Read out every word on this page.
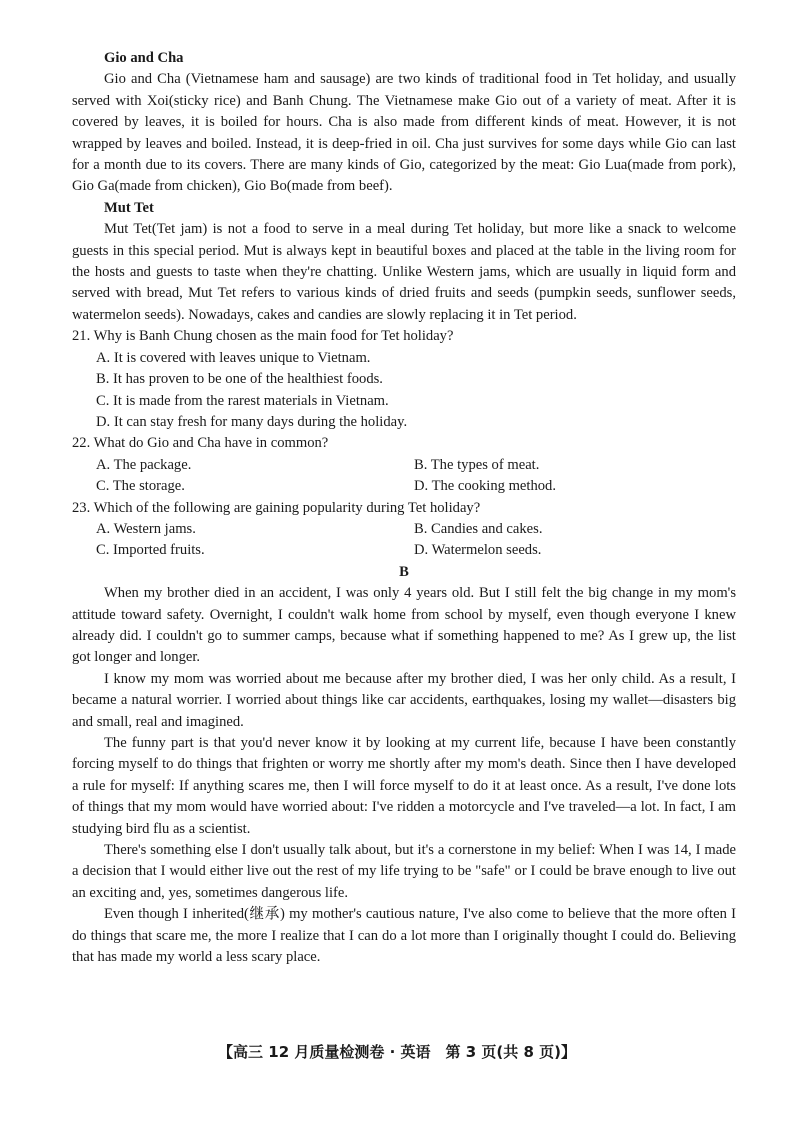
Gio and Cha
Gio and Cha (Vietnamese ham and sausage) are two kinds of traditional food in Tet holiday, and usually served with Xoi(sticky rice) and Banh Chung. The Vietnamese make Gio out of a variety of meat. After it is covered by leaves, it is boiled for hours. Cha is also made from different kinds of meat. However, it is not wrapped by leaves and boiled. Instead, it is deep-fried in oil. Cha just survives for some days while Gio can last for a month due to its covers. There are many kinds of Gio, categorized by the meat: Gio Lua(made from pork), Gio Ga(made from chicken), Gio Bo(made from beef).
Mut Tet
Mut Tet(Tet jam) is not a food to serve in a meal during Tet holiday, but more like a snack to welcome guests in this special period. Mut is always kept in beautiful boxes and placed at the table in the living room for the hosts and guests to taste when they're chatting. Unlike Western jams, which are usually in liquid form and served with bread, Mut Tet refers to various kinds of dried fruits and seeds (pumpkin seeds, sunflower seeds, watermelon seeds). Nowadays, cakes and candies are slowly replacing it in Tet period.
21. Why is Banh Chung chosen as the main food for Tet holiday?
A. It is covered with leaves unique to Vietnam.
B. It has proven to be one of the healthiest foods.
C. It is made from the rarest materials in Vietnam.
D. It can stay fresh for many days during the holiday.
22. What do Gio and Cha have in common?
A. The package.	B. The types of meat.
C. The storage.	D. The cooking method.
23. Which of the following are gaining popularity during Tet holiday?
A. Western jams.	B. Candies and cakes.
C. Imported fruits.	D. Watermelon seeds.
B
When my brother died in an accident, I was only 4 years old. But I still felt the big change in my mom's attitude toward safety. Overnight, I couldn't walk home from school by myself, even though everyone I knew already did. I couldn't go to summer camps, because what if something happened to me? As I grew up, the list got longer and longer.
I know my mom was worried about me because after my brother died, I was her only child. As a result, I became a natural worrier. I worried about things like car accidents, earthquakes, losing my wallet—disasters big and small, real and imagined.
The funny part is that you'd never know it by looking at my current life, because I have been constantly forcing myself to do things that frighten or worry me shortly after my mom's death. Since then I have developed a rule for myself: If anything scares me, then I will force myself to do it at least once. As a result, I've done lots of things that my mom would have worried about: I've ridden a motorcycle and I've traveled—a lot. In fact, I am studying bird flu as a scientist.
There's something else I don't usually talk about, but it's a cornerstone in my belief: When I was 14, I made a decision that I would either live out the rest of my life trying to be "safe" or I could be brave enough to live out an exciting and, yes, sometimes dangerous life.
Even though I inherited(继承) my mother's cautious nature, I've also come to believe that the more often I do things that scare me, the more I realize that I can do a lot more than I originally thought I could do. Believing that has made my world a less scary place.
【高三 12 月质量检测卷 · 英语　第 3 页(共 8 页)】
